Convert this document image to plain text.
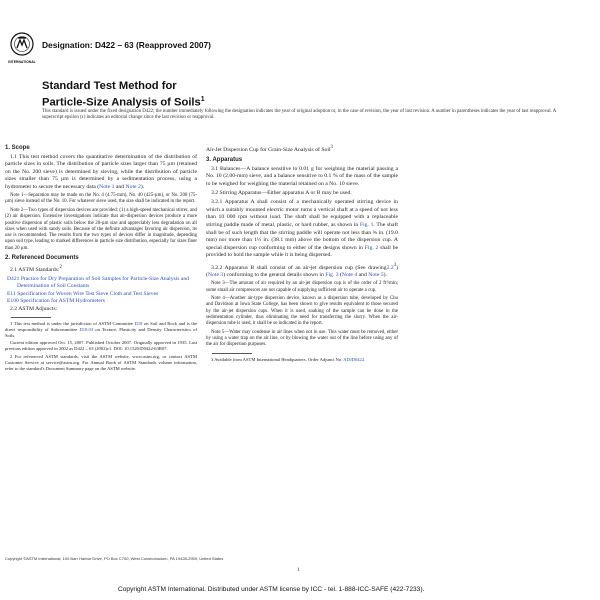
INTERNATIONAL
Designation: D422 – 63 (Reapproved 2007)
Standard Test Method for
Particle-Size Analysis of Soils$^1$
This standard is issued under the fixed designation D422; the number immediately following the designation indicates the year of original adoption or, in the case of revision, the year of last revision. A number in parentheses indicates the year of last reapproval. A superscript epsilon (ε) indicates an editorial change since the last revision or reapproval.

1. Scope

1.1 This test method covers the quantitative determination of the distribution of particle sizes in soils. The distribution of particle sizes larger than 75 µm (retained on the No. 200 sieve) is determined by sieving, while the distribution of particle sizes smaller than 75 µm is determined by a sedimentation process, using a hydrometer to secure the necessary data (Note 1 and Note 2).

Note 1—Separation may be made on the No. 4 (4.75-mm), No. 40 (425-µm), or No. 200 (75-µm) sieve instead of the No. 10. For whatever sieve used, the size shall be indicated in the report.

Note 2—Two types of dispersion devices are provided: (1) a high-speed mechanical stirrer, and (2) air dispersion. Extensive investigations indicate that air-dispersion devices produce a more positive dispersion of plastic soils below the 20-µm size and appreciably less degradation on all sizes when used with sandy soils. Because of the definite advantages favoring air dispersion, its use is recommended. The results from the two types of devices differ in magnitude, depending upon soil type, leading to marked differences in particle size distribution, especially for sizes finer than 20 µm.

2. Referenced Documents

2.1 ASTM Standards:$^2$

D421 Practice for Dry Preparation of Soil Samples for Particle-Size Analysis and Determination of Soil Constants
E11 Specification for Woven Wire Test Sieve Cloth and Test Sieves
E100 Specification for ASTM Hydrometers

2.2 ASTM Adjuncts:

1 This test method is under the jurisdiction of ASTM Committee D18 on Soil and Rock and is the direct responsibility of Subcommittee D18.03 on Texture, Plasticity and Density Characteristics of Soils.

Current edition approved Oct. 15, 2007. Published October 2007. Originally approved in 1935. Last previous edition approved in 2002 as D422 – 63 (2002)ε1. DOI: 10.1520/D0422-63R07.

2 For referenced ASTM standards, visit the ASTM website, www.astm.org, or contact ASTM Customer Service at service@astm.org. For Annual Book of ASTM Standards volume information, refer to the standard's Document Summary page on the ASTM website.

Air-Jet Dispersion Cup for Grain-Size Analysis of Soil$^3$

3. Apparatus

3.1 Balances—A balance sensitive to 0.01 g for weighing the material passing a No. 10 (2.00-mm) sieve, and a balance sensitive to 0.1 % of the mass of the sample to be weighed for weighing the material retained on a No. 10 sieve.

3.2 Stirring Apparatus—Either apparatus A or B may be used.

3.2.1 Apparatus A shall consist of a mechanically operated stirring device in which a suitably mounted electric motor turns a vertical shaft at a speed of not less than 10 000 rpm without load. The shaft shall be equipped with a replaceable stirring paddle made of metal, plastic, or hard rubber, as shown in Fig. 1. The shaft shall be of such length that the stirring paddle will operate not less than ¾ in. (19.0 mm) nor more than 1½ in. (38.1 mm) above the bottom of the dispersion cup. A special dispersion cup conforming to either of the designs shown in Fig. 2 shall be provided to hold the sample while it is being dispersed.

3.2.2 Apparatus B shall consist of an air-jet dispersion cup (See $drawing2.2^3$) (Note 3) conforming to the general details shown in Fig. 3 (Note 4 and Note 5).

Note 3—The amount of air required by an air-jet dispersion cup is of the order of 2 ft³/min; some small air compressors are not capable of supplying sufficient air to operate a cup.

Note 4—Another air-type dispersion device, known as a dispersion tube, developed by Chu and Davidson at Iowa State College, has been shown to give results equivalent to those secured by the air-jet dispersion cups. When it is used, soaking of the sample can be done in the sedimentation cylinder, thus eliminating the need for transferring the slurry. When the air-dispersion tube is used, it shall be so indicated in the report.

Note 5—Water may condense in air lines when not in use. This water must be removed, either by using a water trap on the air line, or by blowing the water out of the line before using any of the air for dispersion purposes.

3 Available from ASTM International Headquarters. Order Adjunct No. ADJD0422.

Copyright ©ASTM International, 100 Barr Harbor Drive, PO Box C700, West Conshohocken, PA 19428-2959, United States
1
Copyright ASTM International. Distributed under ASTM license by ICC - tel. 1-888-ICC-SAFE (422-7233).
